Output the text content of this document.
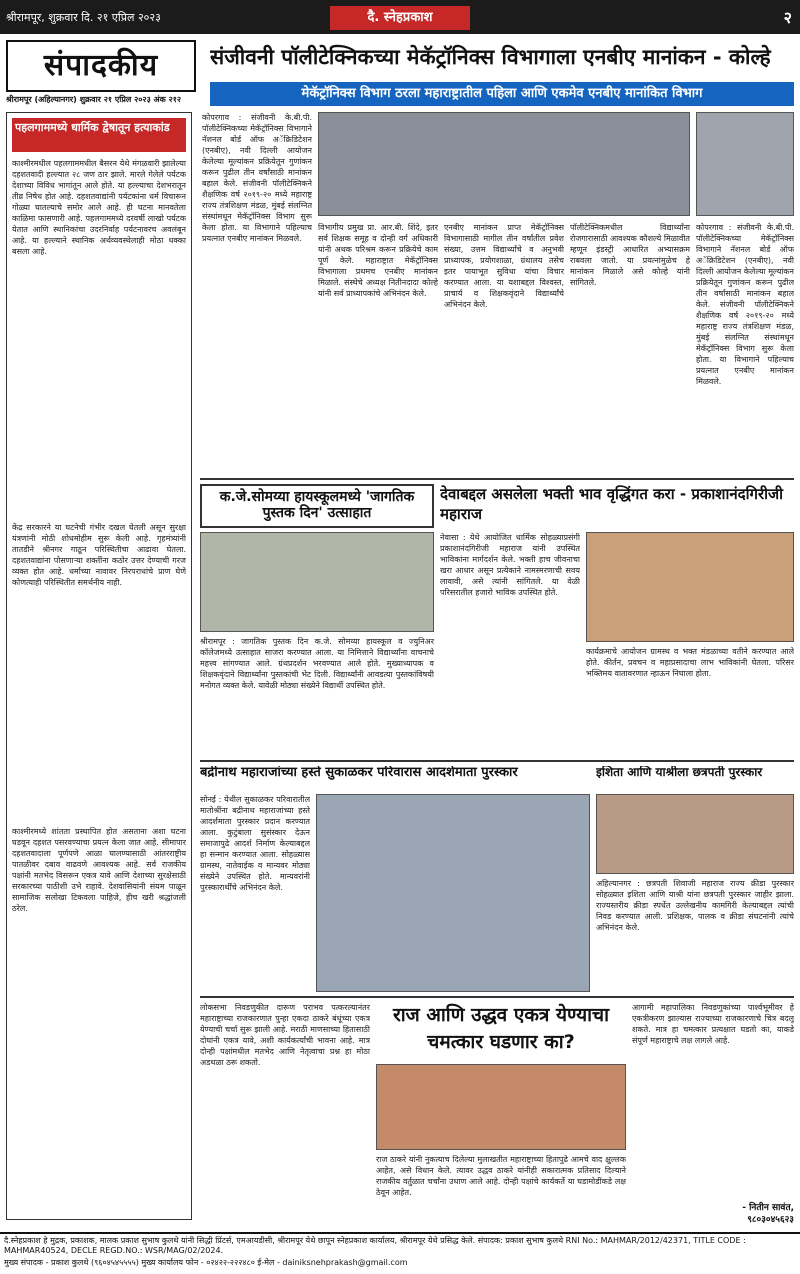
श्रीरामपूर, शुक्रवार दि. २१ एप्रिल २०२३	दै. स्नेहप्रकाश	२
संपादकीय
श्रीरामपूर (अहिल्यानगर) शुक्रवार २१ एप्रिल २०२३ अंक २१२
संजीवनी पॉलीटेक्निकच्या मेकॅट्रॉनिक्स विभागाला एनबीए मानांकन - कोल्हे
मेकॅट्रॉनिक्स विभाग ठरला महाराष्ट्रातील पहिला आणि एकमेव एनबीए मानांकित विभाग
पहलगाममध्ये धार्मिक द्वेषातून हत्याकांड
काश्मीरमधील पहलगाममधील बैसरन येथे मंगळवारी झालेल्या दहशतवादी हल्ल्यात २८ जण ठार झाले. मारले गेलेले पर्यटक देशाच्या विविध भागांतून आले होते. या हल्ल्याचा देशभरातून तीव्र निषेध होत आहे. दहशतवाद्यांनी पर्यटकांना धर्म विचारून गोळ्या घातल्याचे समोर आले आहे. ही घटना मानवतेला काळिमा फासणारी आहे. पहलगाममध्ये दरवर्षी लाखो पर्यटक येतात आणि स्थानिकांचा उदरनिर्वाह पर्यटनावरच अवलंबून आहे. या हल्ल्याने स्थानिक अर्थव्यवस्थेलाही मोठा धक्का बसला आहे.
केंद्र सरकारने या घटनेची गंभीर दखल घेतली असून सुरक्षा यंत्रणांनी मोठी शोधमोहीम सुरू केली आहे. गृहमंत्र्यांनी तातडीने श्रीनगर गाठून परिस्थितीचा आढावा घेतला. दहशतवाद्यांना पोसणाऱ्या शक्तींना कठोर उत्तर देण्याची गरज व्यक्त होत आहे. धर्माच्या नावावर निरपराधांचे प्राण घेणे कोणत्याही परिस्थितीत समर्थनीय नाही.
काश्मीरमध्ये शांतता प्रस्थापित होत असताना अशा घटना घडवून दहशत पसरवण्याचा प्रयत्न केला जात आहे. सीमापार दहशतवादाला पूर्णपणे आळा घालण्यासाठी आंतरराष्ट्रीय पातळीवर दबाव वाढवणे आवश्यक आहे. सर्व राजकीय पक्षांनी मतभेद विसरून एकत्र यावे आणि देशाच्या सुरक्षेसाठी सरकारच्या पाठीशी उभे राहावे. देशवासियांनी संयम पाळून सामाजिक सलोखा टिकवला पाहिजे, हीच खरी श्रद्धांजली ठरेल.
कोपरगाव : संजीवनी के.बी.पी. पॉलीटेक्निकच्या मेकॅट्रॉनिक्स विभागाने नॅशनल बोर्ड ऑफ अॅक्रिडिटेशन (एनबीए), नवी दिल्ली आयोजन केलेल्या मूल्यांकन प्रक्रियेतून गुणांकन करून पुढील तीन वर्षांसाठी मानांकन बहाल केले. संजीवनी पॉलीटेक्निकने शैक्षणिक वर्ष २०१९-२० मध्ये महाराष्ट्र राज्य तंत्रशिक्षण मंडळ, मुंबई संलग्नित संस्थांमधून मेकॅट्रॉनिक्स विभाग सुरू केला होता. या विभागाने पहिल्याच प्रयत्नात एनबीए मानांकन मिळवले.
विभागीय प्रमुख प्रा. आर.बी. शिंदे, इतर सर्व शिक्षक समूह व दोन्ही वर्ग अधिकारी यांनी अथक परिश्रम करून प्रक्रियेचे काम पूर्ण केले. महाराष्ट्रात मेकॅट्रॉनिक्स विभागाला प्रथमच एनबीए मानांकन मिळाले. संस्थेचे अध्यक्ष नितीनदादा कोल्हे यांनी सर्व प्राध्यापकांचे अभिनंदन केले.
एनबीए मानांकन प्राप्त मेकॅट्रॉनिक्स विभागासाठी मागील तीन वर्षांतील प्रवेश संख्या, उत्तम विद्यार्थ्यांचे व अनुभवी प्राध्यापक, प्रयोगशाळा, ग्रंथालय तसेच इतर पायाभूत सुविधा यांचा विचार करण्यात आला. या यशाबद्दल विश्वस्त, प्राचार्य व शिक्षकवृंदाने विद्यार्थ्यांचे अभिनंदन केले.
पॉलीटेक्निकमधील विद्यार्थ्यांना रोजगारासाठी आवश्यक कौशल्ये मिळावीत म्हणून इंडस्ट्री आधारित अभ्यासक्रम राबवला जातो. या प्रयत्नांमुळेच हे मानांकन मिळाले असे कोल्हे यांनी सांगितले.
कोपरगाव : संजीवनी के.बी.पी. पॉलीटेक्निकच्या मेकॅट्रॉनिक्स विभागाने नॅशनल बोर्ड ऑफ अॅक्रिडिटेशन (एनबीए), नवी दिल्ली आयोजन केलेल्या मूल्यांकन प्रक्रियेतून गुणांकन करून पुढील तीन वर्षांसाठी मानांकन बहाल केले. संजीवनी पॉलीटेक्निकने शैक्षणिक वर्ष २०१९-२० मध्ये महाराष्ट्र राज्य तंत्रशिक्षण मंडळ, मुंबई संलग्नित संस्थांमधून मेकॅट्रॉनिक्स विभाग सुरू केला होता. या विभागाने पहिल्याच प्रयत्नात एनबीए मानांकन मिळवले.
क.जे.सोमय्या हायस्कूलमध्ये 'जागतिक पुस्तक दिन' उत्साहात
श्रीरामपूर : जागतिक पुस्तक दिन क.जे. सोमय्या हायस्कूल व ज्युनिअर कॉलेजमध्ये उत्साहात साजरा करण्यात आला. या निमित्ताने विद्यार्थ्यांना वाचनाचे महत्त्व सांगण्यात आले. ग्रंथप्रदर्शन भरवण्यात आले होते. मुख्याध्यापक व शिक्षकवृंदाने विद्यार्थ्यांना पुस्तकांची भेट दिली. विद्यार्थ्यांनी आवडत्या पुस्तकांविषयी मनोगत व्यक्त केले. यावेळी मोठ्या संख्येने विद्यार्थी उपस्थित होते.
देवाबद्दल असलेला भक्ती भाव वृद्धिंगत करा - प्रकाशानंदगिरीजी महाराज
नेवासा : येथे आयोजित धार्मिक सोहळ्याप्रसंगी प्रकाशानंदगिरीजी महाराज यांनी उपस्थित भाविकांना मार्गदर्शन केले. भक्ती हाच जीवनाचा खरा आधार असून प्रत्येकाने नामस्मरणाची सवय लावावी, असे त्यांनी सांगितले. या वेळी परिसरातील हजारो भाविक उपस्थित होते.
कार्यक्रमाचे आयोजन ग्रामस्थ व भक्त मंडळाच्या वतीने करण्यात आले होते. कीर्तन, प्रवचन व महाप्रसादाचा लाभ भाविकांनी घेतला. परिसर भक्तिमय वातावरणात न्हाऊन निघाला होता.
बद्रीनाथ महाराजांच्या हस्ते सुकाळकर परिवारास आदर्शमाता पुरस्कार
सोनई : येथील सुकाळकर परिवारातील मातोश्रींना बद्रीनाथ महाराजांच्या हस्ते आदर्शमाता पुरस्कार प्रदान करण्यात आला. कुटुंबाला सुसंस्कार देऊन समाजापुढे आदर्श निर्माण केल्याबद्दल हा सन्मान करण्यात आला. सोहळ्यास ग्रामस्थ, नातेवाईक व मान्यवर मोठ्या संख्येने उपस्थित होते. मान्यवरांनी पुरस्कारार्थींचे अभिनंदन केले.
इशिता आणि याश्रीला छत्रपती पुरस्कार
अहिल्यानगर : छत्रपती शिवाजी महाराज राज्य क्रीडा पुरस्कार सोहळ्यात इशिता आणि याश्री यांना छत्रपती पुरस्कार जाहीर झाला. राज्यस्तरीय क्रीडा स्पर्धेत उल्लेखनीय कामगिरी केल्याबद्दल त्यांची निवड करण्यात आली. प्रशिक्षक, पालक व क्रीडा संघटनांनी त्यांचे अभिनंदन केले.
लोकसभा निवडणुकीत दारूण पराभव पत्करल्यानंतर महाराष्ट्राच्या राजकारणात पुन्हा एकदा ठाकरे बंधूंच्या एकत्र येण्याची चर्चा सुरू झाली आहे. मराठी माणसाच्या हितासाठी दोघांनी एकत्र यावे, अशी कार्यकर्त्यांची भावना आहे. मात्र दोन्ही पक्षांमधील मतभेद आणि नेतृत्वाचा प्रश्न हा मोठा अडथळा ठरू शकतो.
राज आणि उद्धव एकत्र येण्याचा चमत्कार घडणार का?
राज ठाकरे यांनी नुकत्याच दिलेल्या मुलाखतीत महाराष्ट्राच्या हितापुढे आमचे वाद क्षुल्लक आहेत, असे विधान केले. त्यावर उद्धव ठाकरे यांनीही सकारात्मक प्रतिसाद दिल्याने राजकीय वर्तुळात चर्चांना उधाण आले आहे. दोन्ही पक्षांचे कार्यकर्ते या घडामोडींकडे लक्ष ठेवून आहेत.
आगामी महापालिका निवडणुकांच्या पार्श्वभूमीवर हे एकत्रीकरण झाल्यास राज्याच्या राजकारणाचे चित्र बदलू शकते. मात्र हा चमत्कार प्रत्यक्षात घडतो का, याकडे संपूर्ण महाराष्ट्राचे लक्ष लागले आहे.
- नितीन सावंत,
९८०३०४५६२३
दै.स्नेहप्रकाश हे मुद्रक, प्रकाशक, मालक प्रकाश सुभाष कुलथे यांनी सिद्धी प्रिंटर्स, एमआयडीसी, श्रीरामपूर येथे छापून स्नेहप्रकाश कार्यालय, श्रीरामपूर येथे प्रसिद्ध केले. संपादक: प्रकाश सुभाष कुलथे RNI No.: MAHMAR/2012/42371, TITLE CODE : MAHMAR40524, DECLE REGD.NO.: WSR/MAG/02/2024.
मुख्य संपादक - प्रकाश कुलथे (९६०४५४५५५५) मुख्य कार्यालय फोन - ०२४२२-२२२४८० ई-मेल - dainiksnehprakash@gmail.com
